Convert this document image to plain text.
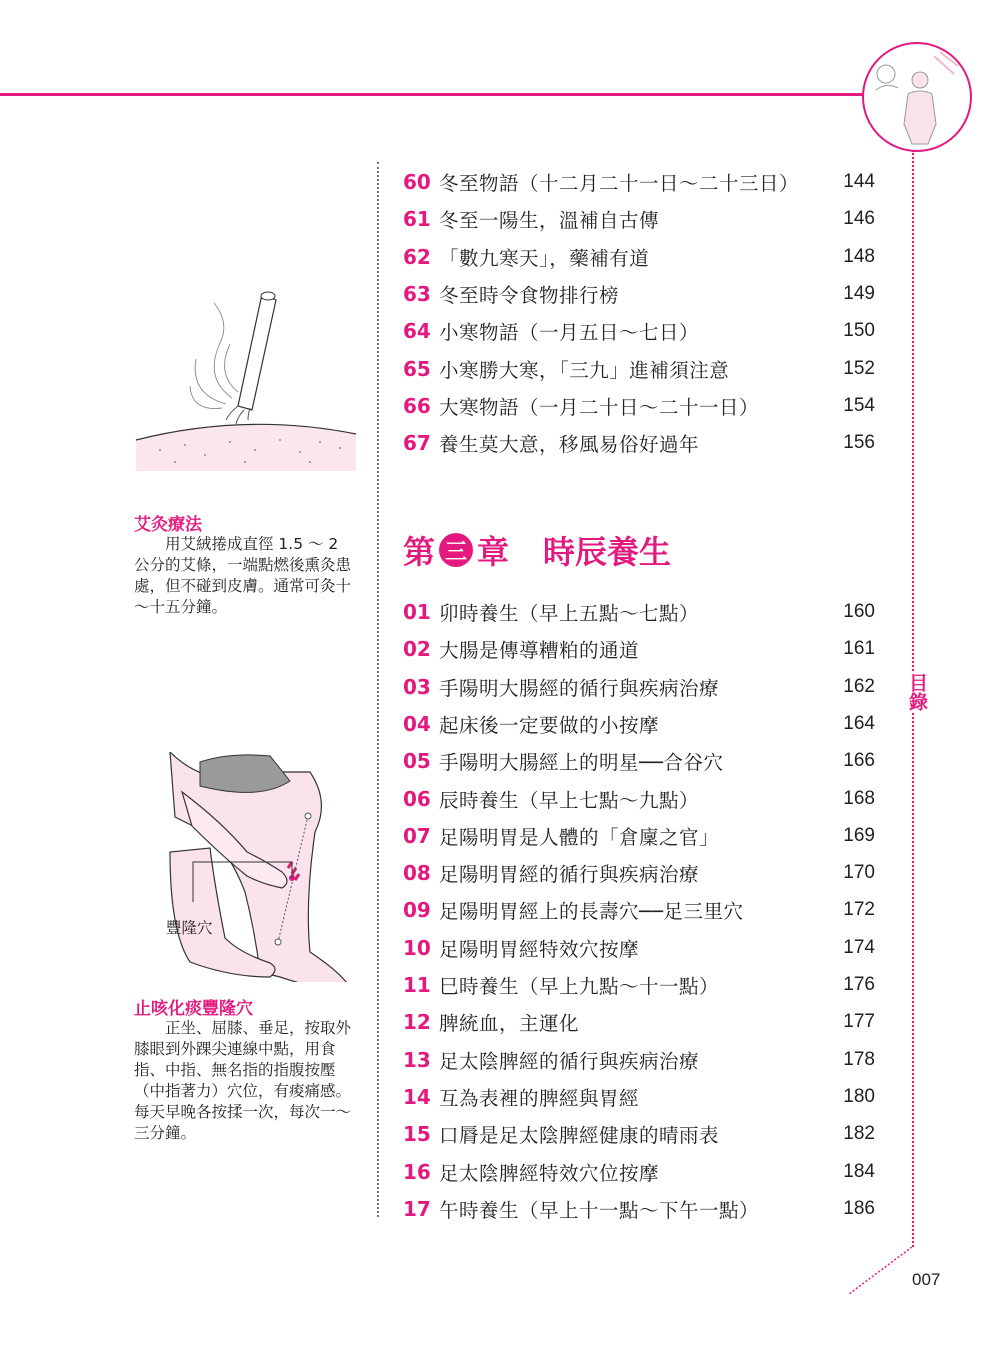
60 冬至物語（十二月二十一日～二十三日）	144
61 冬至一陽生，溫補自古傳	146
62 「數九寒天」，藥補有道	148
63 冬至時令食物排行榜	149
64 小寒物語（一月五日～七日）	150
65 小寒勝大寒，「三九」進補須注意	152
66 大寒物語（一月二十日～二十一日）	154
67 養生莫大意，移風易俗好過年	156
第 三 章 時辰養生
01 卯時養生（早上五點～七點）	160
02 大腸是傳導糟粕的通道	161
03 手陽明大腸經的循行與疾病治療	162
04 起床後一定要做的小按摩	164
05 手陽明大腸經上的明星──合谷穴	166
06 辰時養生（早上七點～九點）	168
07 足陽明胃是人體的「倉廩之官」	169
08 足陽明胃經的循行與疾病治療	170
09 足陽明胃經上的長壽穴──足三里穴	172
10 足陽明胃經特效穴按摩	174
11 巳時養生（早上九點～十一點）	176
12 脾統血，主運化	177
13 足太陰脾經的循行與疾病治療	178
14 互為表裡的脾經與胃經	180
15 口脣是足太陰脾經健康的晴雨表	182
16 足太陰脾經特效穴位按摩	184
17 午時養生（早上十一點～下午一點）	186
目錄
007
艾灸療法
用艾絨捲成直徑 1.5 ～ 2 公分的艾條，一端點燃後熏灸患處，但不碰到皮膚。通常可灸十～十五分鐘。
豐隆穴
止咳化痰豐隆穴
正坐、屈膝、垂足，按取外膝眼到外踝尖連線中點，用食指、中指、無名指的指腹按壓（中指著力）穴位，有痠痛感。每天早晚各按揉一次，每次一～三分鐘。
